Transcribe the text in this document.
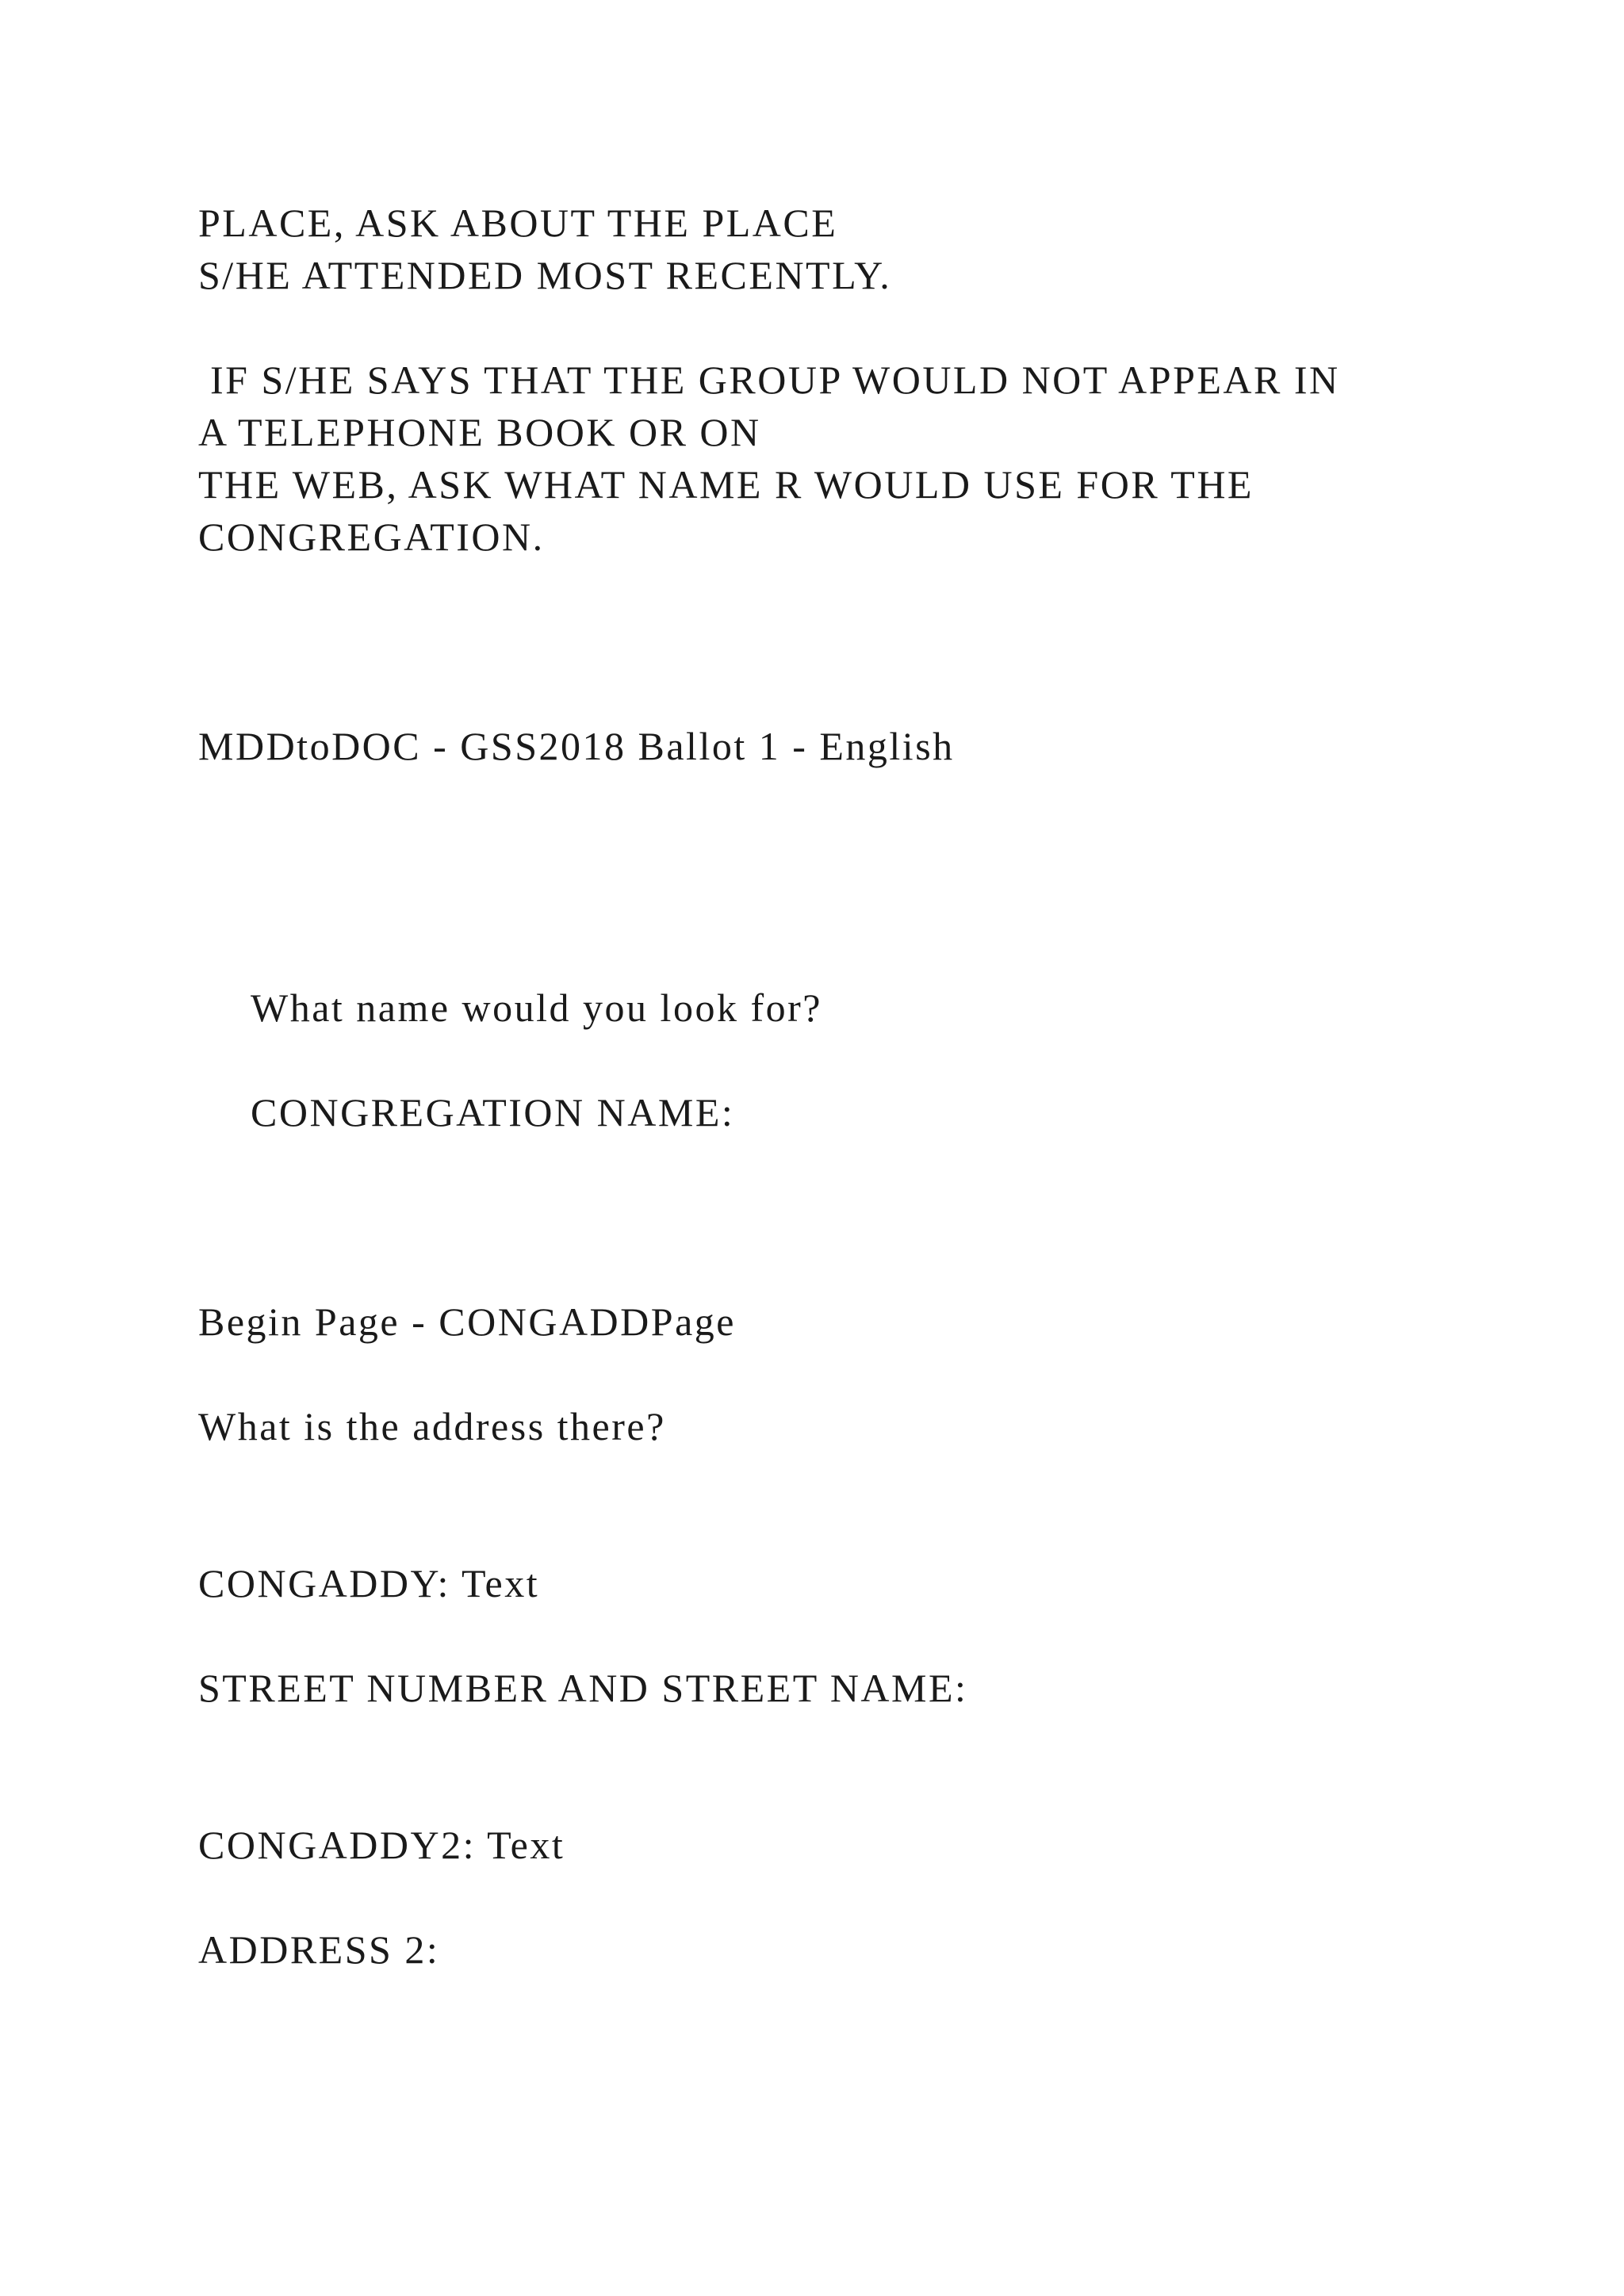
PLACE, ASK ABOUT THE PLACE

S/HE ATTENDED MOST RECENTLY.

IF S/HE SAYS THAT THE GROUP WOULD NOT APPEAR IN

A TELEPHONE BOOK OR ON

THE WEB, ASK WHAT NAME R WOULD USE FOR THE

CONGREGATION.

MDDtoDOC - GSS2018 Ballot 1 - English

What name would you look for?

CONGREGATION NAME:

Begin Page - CONGADDPage

What is the address there?

CONGADDY: Text

STREET NUMBER AND STREET NAME:

CONGADDY2: Text

ADDRESS 2:
